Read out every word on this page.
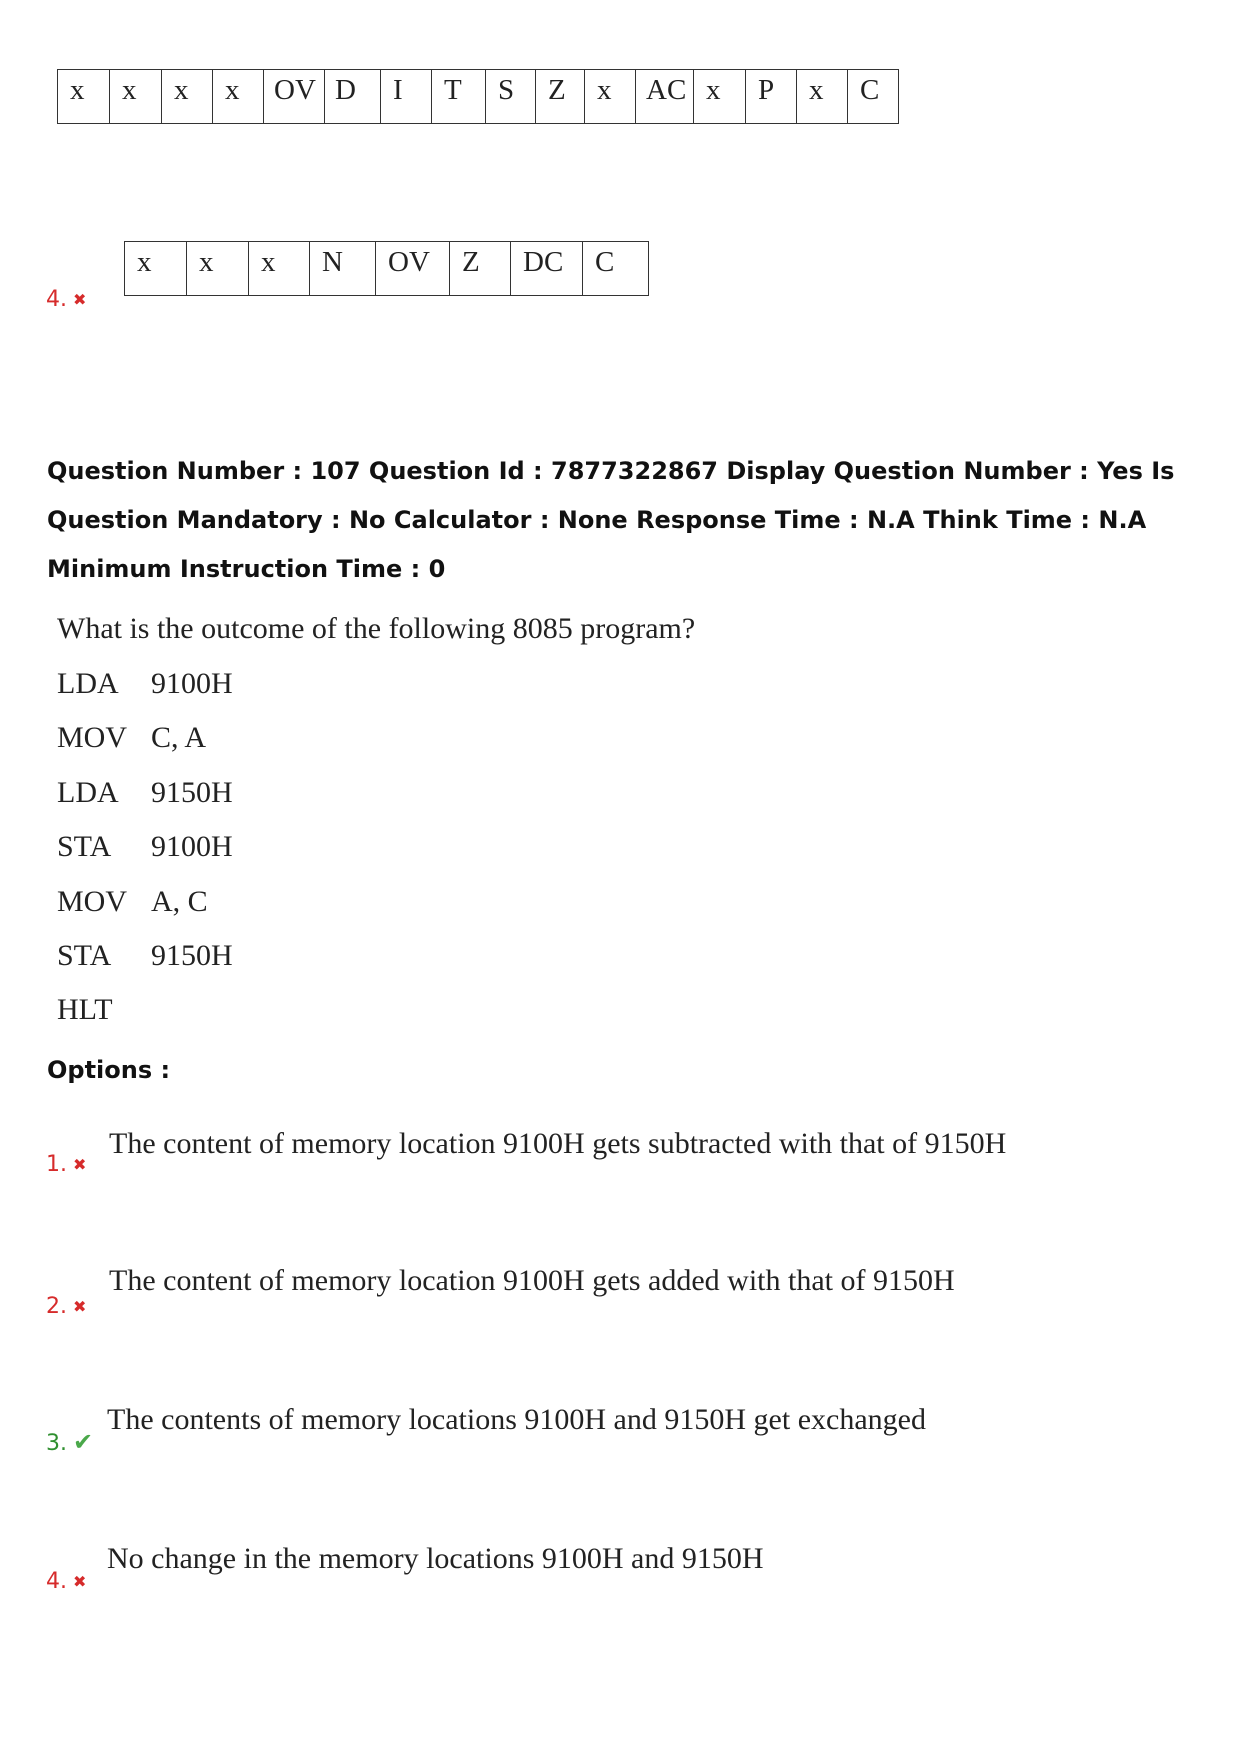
x	x	x	x	OV	D	I	T	S	Z	x	AC	x	P	x	C
4. ✖
x	x	x	N	OV	Z	DC	C
Question Number : 107 Question Id : 7877322867 Display Question Number : Yes Is Question Mandatory : No Calculator : None Response Time : N.A Think Time : N.A Minimum Instruction Time : 0
What is the outcome of the following 8085 program?
LDA 9100H
MOV C, A
LDA 9150H
STA 9100H
MOV A, C
STA 9150H
HLT
Options :
1. ✖
The content of memory location 9100H gets subtracted with that of 9150H
2. ✖
The content of memory location 9100H gets added with that of 9150H
3. ✔
The contents of memory locations 9100H and 9150H get exchanged
4. ✖
No change in the memory locations 9100H and 9150H
